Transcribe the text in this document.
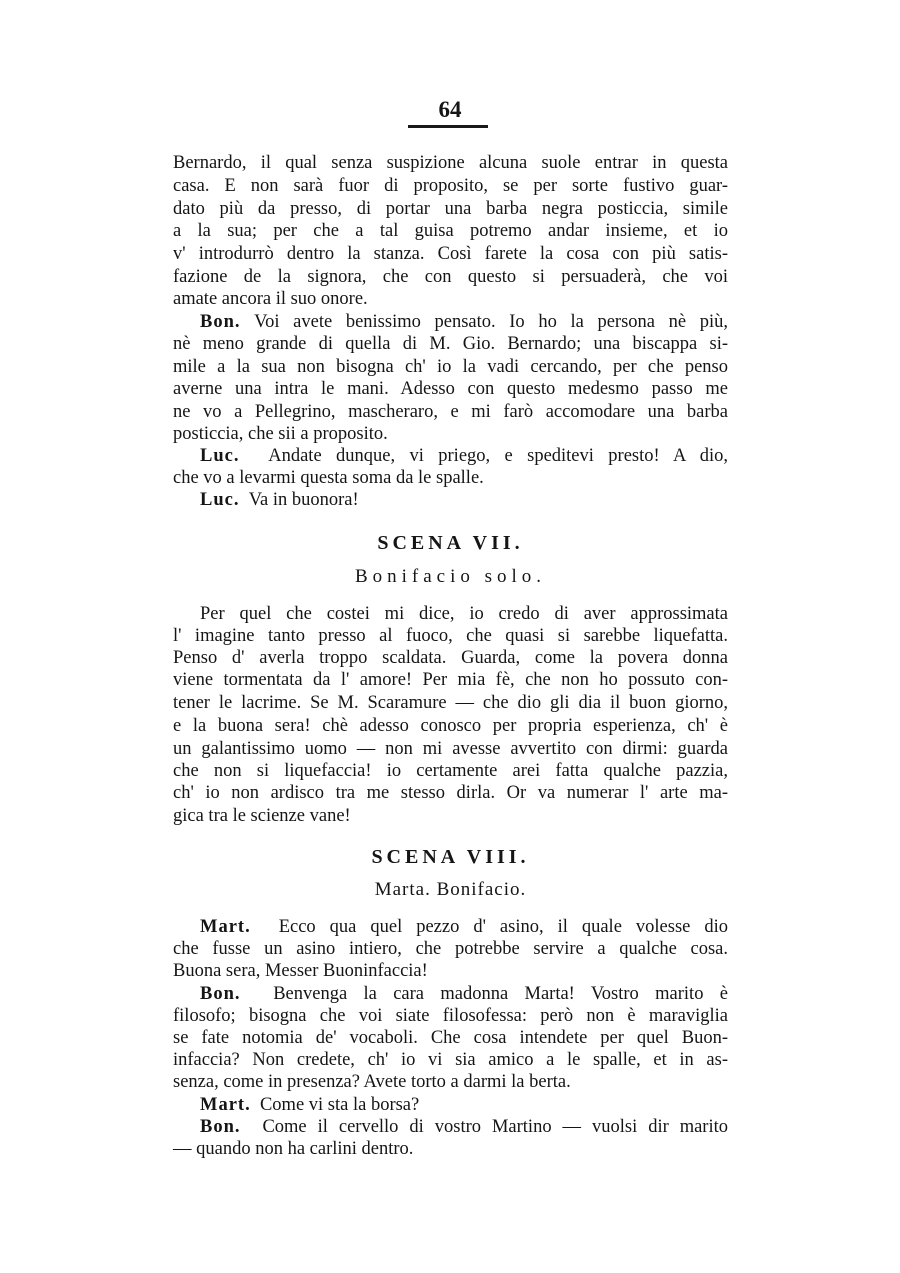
64
Bernardo, il qual senza suspizione alcuna suole entrar in questa
casa. E non sarà fuor di proposito, se per sorte fustivo guar-
dato più da presso, di portar una barba negra posticcia, simile
a la sua; per che a tal guisa potremo andar insieme, et io
v' introdurrò dentro la stanza. Così farete la cosa con più satis-
fazione de la signora, che con questo si persuaderà, che voi
amate ancora il suo onore.
Bon. Voi avete benissimo pensato. Io ho la persona nè più,
nè meno grande di quella di M. Gio. Bernardo; una biscappa si-
mile a la sua non bisogna ch' io la vadi cercando, per che penso
averne una intra le mani. Adesso con questo medesmo passo me
ne vo a Pellegrino, mascheraro, e mi farò accomodare una barba
posticcia, che sii a proposito.
Luc. Andate dunque, vi priego, e speditevi presto! A dio,
che vo a levarmi questa soma da le spalle.
Luc. Va in buonora!
SCENA VII.
Bonifacio solo.
Per quel che costei mi dice, io credo di aver approssimata
l' imagine tanto presso al fuoco, che quasi si sarebbe liquefatta.
Penso d' averla troppo scaldata. Guarda, come la povera donna
viene tormentata da l' amore! Per mia fè, che non ho possuto con-
tener le lacrime. Se M. Scaramure — che dio gli dia il buon giorno,
e la buona sera! chè adesso conosco per propria esperienza, ch' è
un galantissimo uomo — non mi avesse avvertito con dirmi: guarda
che non si liquefaccia! io certamente arei fatta qualche pazzia,
ch' io non ardisco tra me stesso dirla. Or va numerar l' arte ma-
gica tra le scienze vane!
SCENA VIII.
Marta. Bonifacio.
Mart. Ecco qua quel pezzo d' asino, il quale volesse dio
che fusse un asino intiero, che potrebbe servire a qualche cosa.
Buona sera, Messer Buoninfaccia!
Bon. Benvenga la cara madonna Marta! Vostro marito è
filosofo; bisogna che voi siate filosofessa: però non è maraviglia
se fate notomia de' vocaboli. Che cosa intendete per quel Buon-
infaccia? Non credete, ch' io vi sia amico a le spalle, et in as-
senza, come in presenza? Avete torto a darmi la berta.
Mart. Come vi sta la borsa?
Bon. Come il cervello di vostro Martino — vuolsi dir marito
— quando non ha carlini dentro.
